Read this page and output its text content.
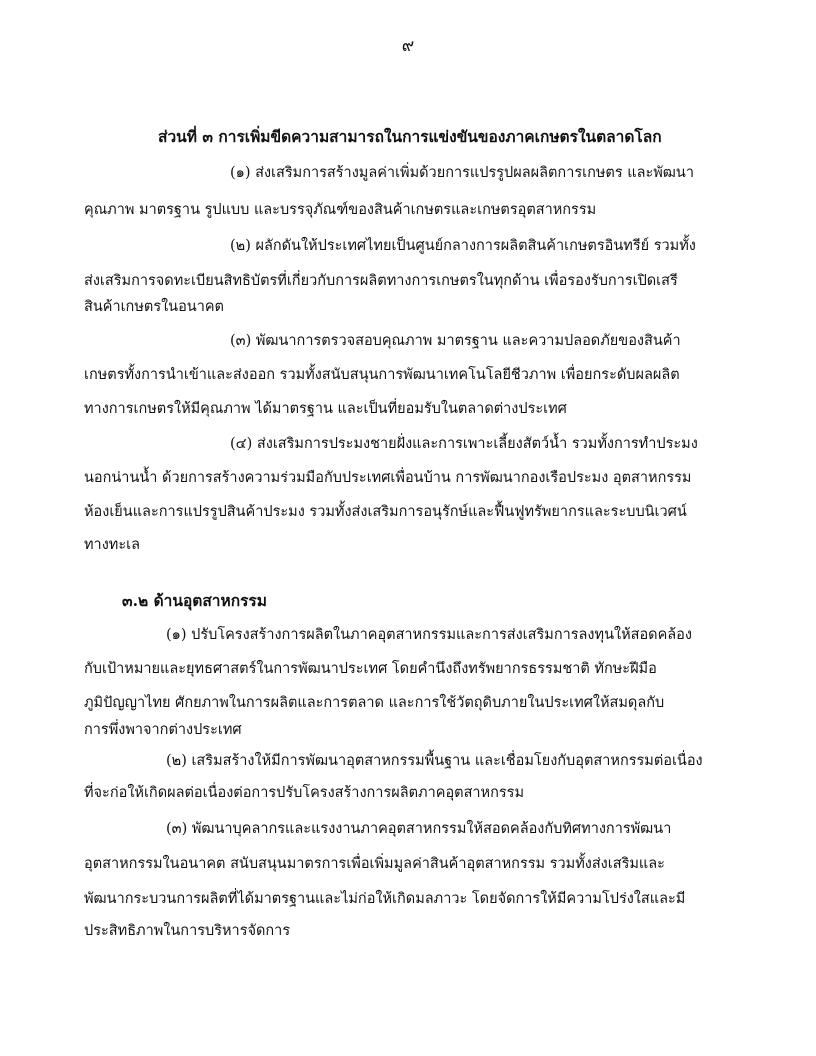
๙
ส่วนที่ ๓ การเพิ่มขีดความสามารถในการแข่งขันของภาคเกษตรในตลาดโลก
(๑) ส่งเสริมการสร้างมูลค่าเพิ่มด้วยการแปรรูปผลผลิตการเกษตร และพัฒนา
คุณภาพ มาตรฐาน รูปแบบ และบรรจุภัณฑ์ของสินค้าเกษตรและเกษตรอุตสาหกรรม
(๒) ผลักดันให้ประเทศไทยเป็นศูนย์กลางการผลิตสินค้าเกษตรอินทรีย์ รวมทั้ง
ส่งเสริมการจดทะเบียนสิทธิบัตรที่เกี่ยวกับการผลิตทางการเกษตรในทุกด้าน เพื่อรองรับการเปิดเสรี
สินค้าเกษตรในอนาคต
(๓) พัฒนาการตรวจสอบคุณภาพ มาตรฐาน และความปลอดภัยของสินค้า
เกษตรทั้งการนำเข้าและส่งออก รวมทั้งสนับสนุนการพัฒนาเทคโนโลยีชีวภาพ เพื่อยกระดับผลผลิต
ทางการเกษตรให้มีคุณภาพ ได้มาตรฐาน และเป็นที่ยอมรับในตลาดต่างประเทศ
(๔) ส่งเสริมการประมงชายฝั่งและการเพาะเลี้ยงสัตว์น้ำ รวมทั้งการทำประมง
นอกน่านน้ำ ด้วยการสร้างความร่วมมือกับประเทศเพื่อนบ้าน การพัฒนากองเรือประมง อุตสาหกรรม
ห้องเย็นและการแปรรูปสินค้าประมง รวมทั้งส่งเสริมการอนุรักษ์และฟื้นฟูทรัพยากรและระบบนิเวศน์
ทางทะเล
๓.๒ ด้านอุตสาหกรรม
(๑) ปรับโครงสร้างการผลิตในภาคอุตสาหกรรมและการส่งเสริมการลงทุนให้สอดคล้อง
กับเป้าหมายและยุทธศาสตร์ในการพัฒนาประเทศ โดยคำนึงถึงทรัพยากรธรรมชาติ ทักษะฝีมือ
ภูมิปัญญาไทย ศักยภาพในการผลิตและการตลาด และการใช้วัตถุดิบภายในประเทศให้สมดุลกับ
การพึ่งพาจากต่างประเทศ
(๒) เสริมสร้างให้มีการพัฒนาอุตสาหกรรมพื้นฐาน และเชื่อมโยงกับอุตสาหกรรมต่อเนื่อง
ที่จะก่อให้เกิดผลต่อเนื่องต่อการปรับโครงสร้างการผลิตภาคอุตสาหกรรม
(๓) พัฒนาบุคลากรและแรงงานภาคอุตสาหกรรมให้สอดคล้องกับทิศทางการพัฒนา
อุตสาหกรรมในอนาคต สนับสนุนมาตรการเพื่อเพิ่มมูลค่าสินค้าอุตสาหกรรม รวมทั้งส่งเสริมและ
พัฒนากระบวนการผลิตที่ได้มาตรฐานและไม่ก่อให้เกิดมลภาวะ โดยจัดการให้มีความโปร่งใสและมี
ประสิทธิภาพในการบริหารจัดการ
